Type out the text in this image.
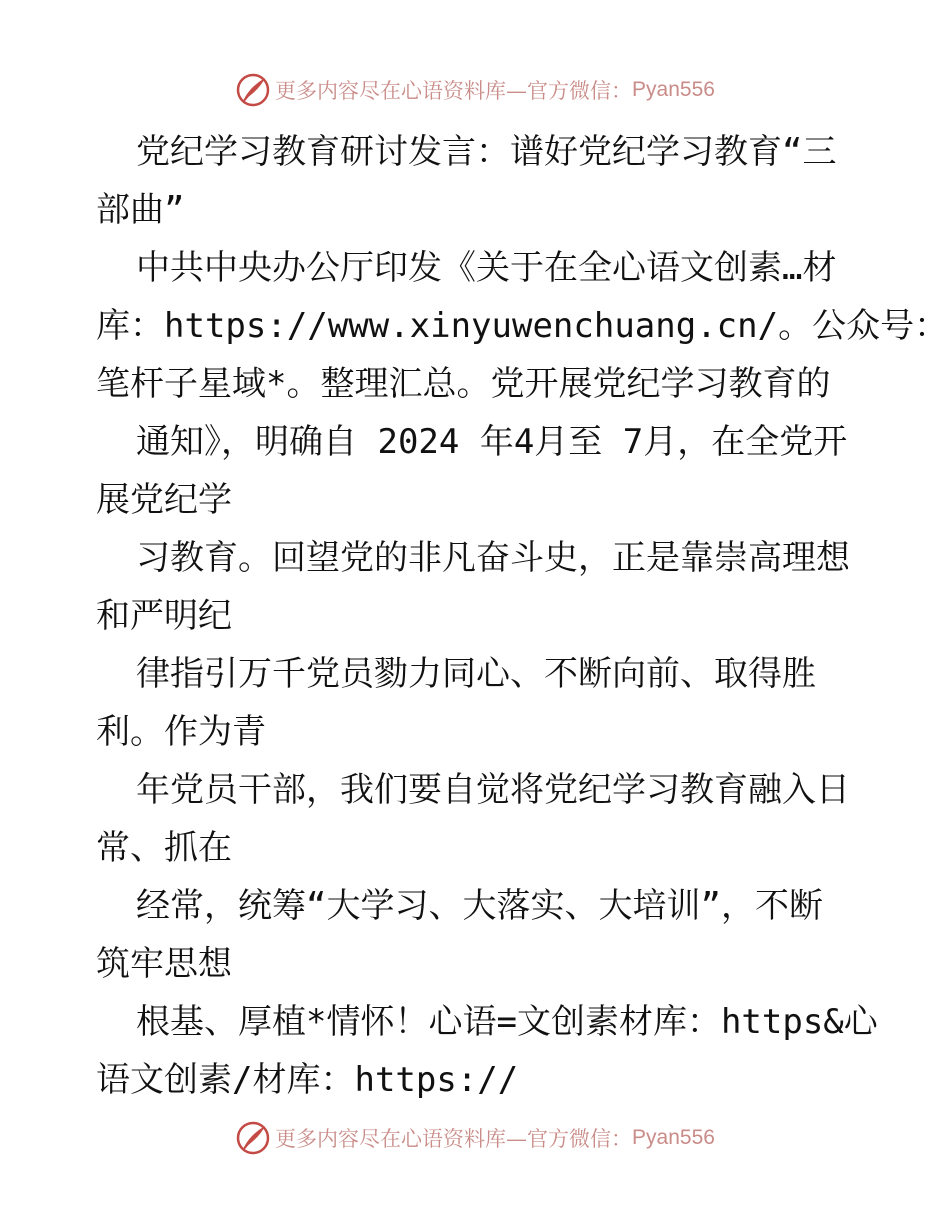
更多内容尽在心语资料库—官方微信： Pyan556

党纪学习教育研讨发言：谱好党纪学习教育“三

部曲”

中共中央办公厅印发《关于在全心语文创素…材

库：https://www.xinyuwenchuang.cn/。公众号：

笔杆子星域*。整理汇总。党开展党纪学习教育的

通知》，明确自 2024 年4月至 7月，在全党开

展党纪学

习教育。回望党的非凡奋斗史，正是靠崇高理想

和严明纪

律指引万千党员勠力同心、不断向前、取得胜

利。作为青

年党员干部，我们要自觉将党纪学习教育融入日

常、抓在

经常，统筹“大学习、大落实、大培训”，不断

筑牢思想

根基、厚植*情怀！心语=文创素材库：https&心

语文创素/材库：https://

更多内容尽在心语资料库—官方微信： Pyan556
